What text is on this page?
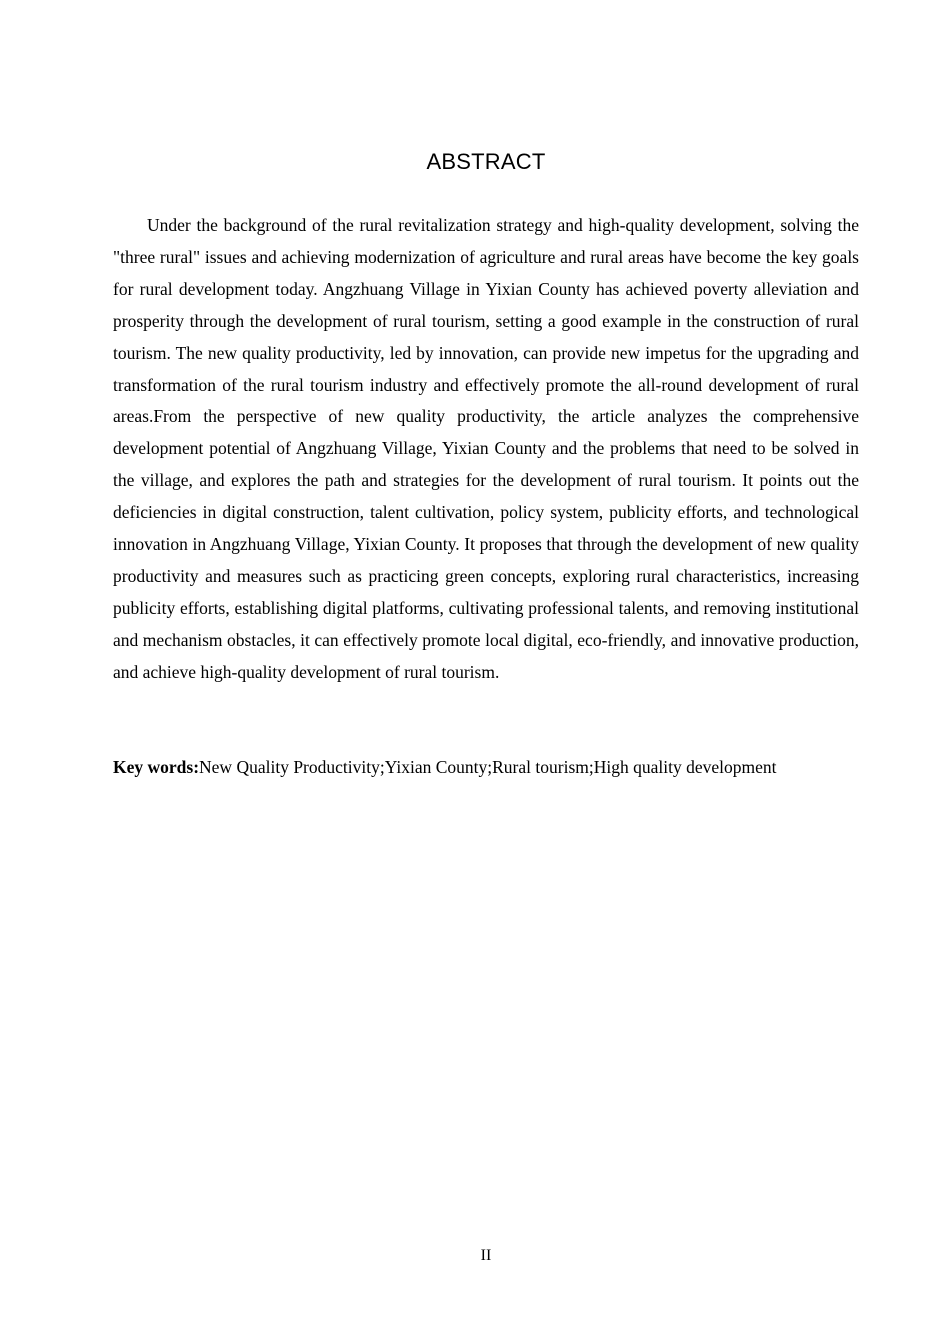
ABSTRACT

Under the background of the rural revitalization strategy and high-quality development, solving the "three rural" issues and achieving modernization of agriculture and rural areas have become the key goals for rural development today. Angzhuang Village in Yixian County has achieved poverty alleviation and prosperity through the development of rural tourism, setting a good example in the construction of rural tourism. The new quality productivity, led by innovation, can provide new impetus for the upgrading and transformation of the rural tourism industry and effectively promote the all-round development of rural areas.From the perspective of new quality productivity, the article analyzes the comprehensive development potential of Angzhuang Village, Yixian County and the problems that need to be solved in the village, and explores the path and strategies for the development of rural tourism. It points out the deficiencies in digital construction, talent cultivation, policy system, publicity efforts, and technological innovation in Angzhuang Village, Yixian County. It proposes that through the development of new quality productivity and measures such as practicing green concepts, exploring rural characteristics, increasing publicity efforts, establishing digital platforms, cultivating professional talents, and removing institutional and mechanism obstacles, it can effectively promote local digital, eco-friendly, and innovative production, and achieve high-quality development of rural tourism.

Key words:New Quality Productivity;Yixian County;Rural tourism;High quality development

II
